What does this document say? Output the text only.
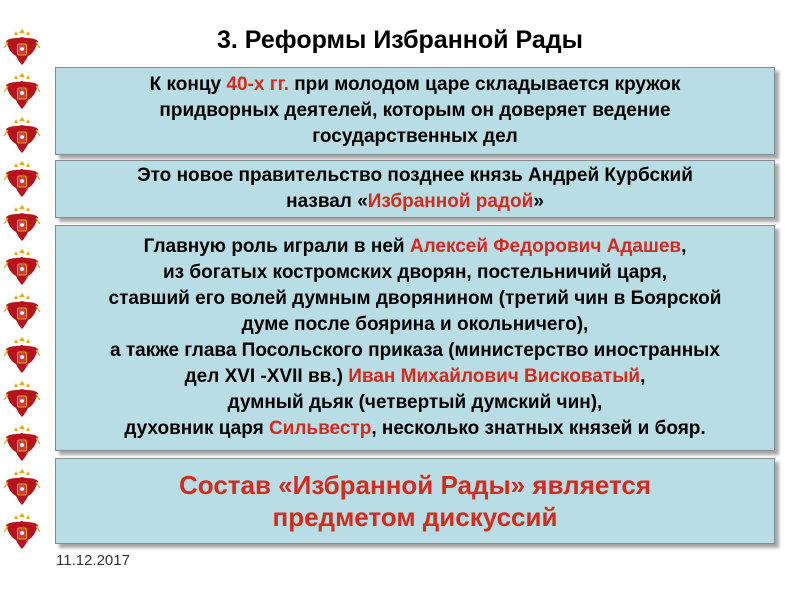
3. Реформы Избранной Рады
К концу 40-х гг. при молодом царе складывается кружок
придворных деятелей, которым он доверяет ведение
государственных дел
Это новое правительство позднее князь Андрей Курбский
назвал «Избранной радой»
Главную роль играли в ней Алексей Федорович Адашев,
из богатых костромских дворян, постельничий царя,
ставший его волей думным дворянином (третий чин в Боярской
думе после боярина и окольничего),
а также глава Посольского приказа (министерство иностранных
дел XVI -XVII вв.) Иван Михайлович Висковатый,
думный дьяк (четвертый думский чин),
духовник царя Сильвестр, несколько знатных князей и бояр.
Состав «Избранной Рады» является
предметом дискуссий
11.12.2017
